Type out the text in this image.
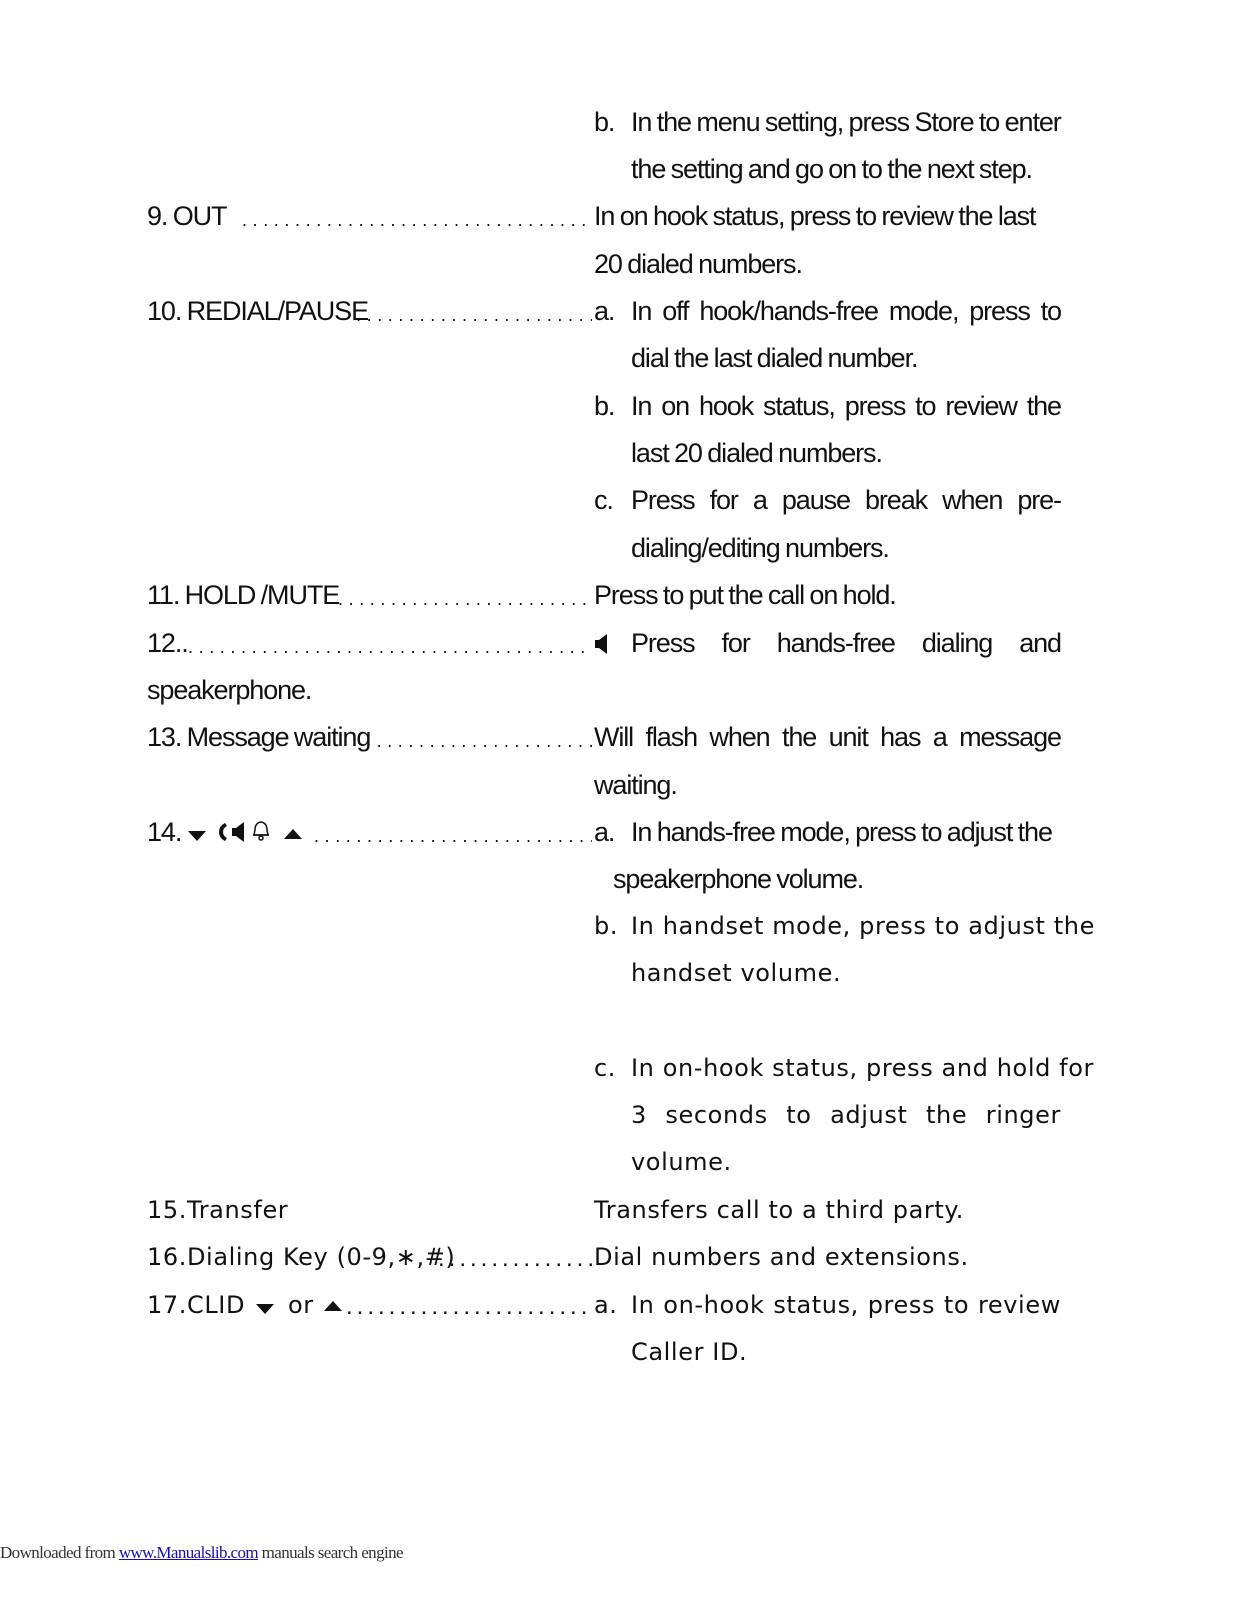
b. In the menu setting, press Store to enter
the setting and go on to the next step.
9. OUT . . .	In on hook status, press to review the last
20 dialed numbers.
10. REDIAL/PAUSE . . .	a. In off hook/hands-free mode, press to
dial the last dialed number.
b. In on hook status, press to review the
last 20 dialed numbers.
c. Press for a pause break when pre-
dialing/editing numbers.
11. HOLD /MUTE . . .	Press to put the call on hold.
12.. . . .	Press for hands-free dialing and
speakerphone.
13. Message waiting . . .	Will flash when the unit has a message
waiting.
14. . . .	a. In hands-free mode, press to adjust the
speakerphone volume.
b. In handset mode, press to adjust the
handset volume.
c. In on-hook status, press and hold for
3 seconds to adjust the ringer
volume.
15.Transfer	Transfers call to a third party.
16.Dialing Key (0-9,∗,#) .....	Dial numbers and extensions.
17.CLID or .....	a. In on-hook status, press to review
Caller ID.
Downloaded from www.Manualslib.com manuals search engine
